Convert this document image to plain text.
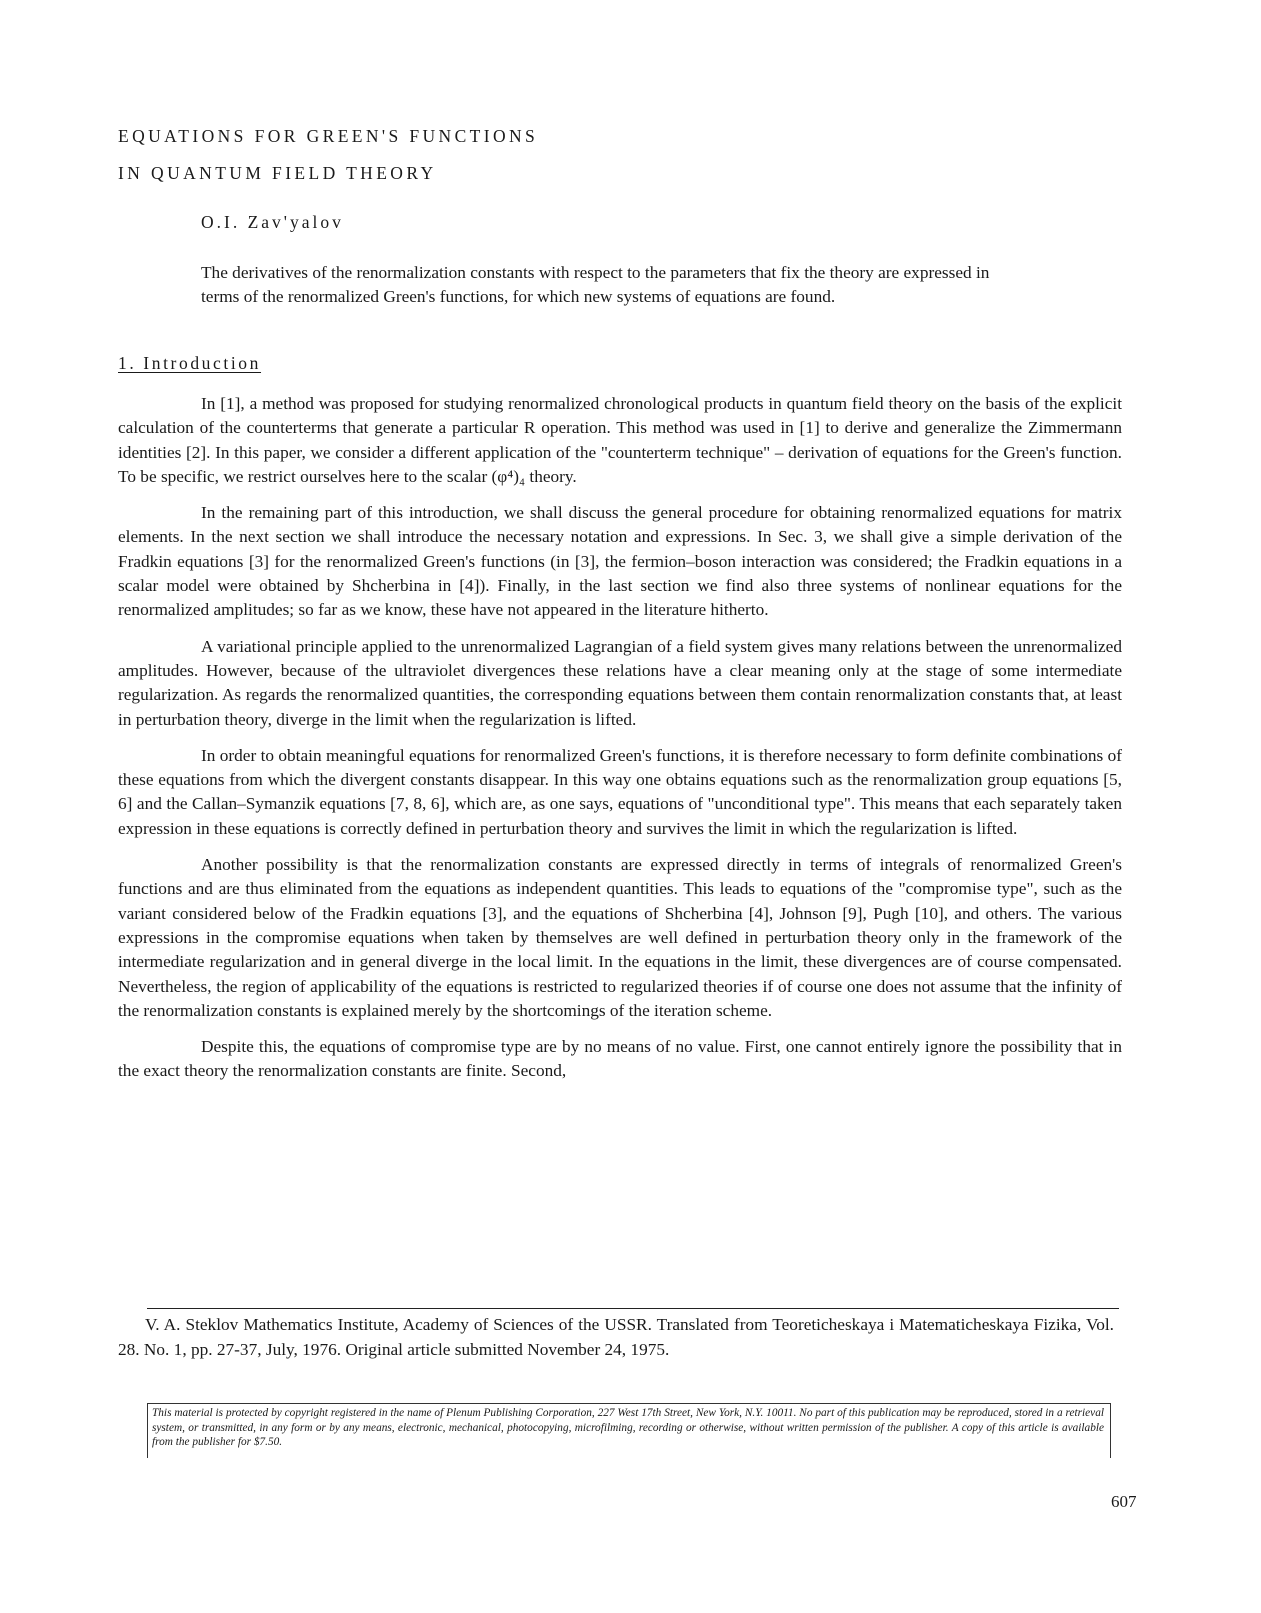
EQUATIONS FOR GREEN'S FUNCTIONS
IN QUANTUM FIELD THEORY
O.I. Zav'yalov
The derivatives of the renormalization constants with respect to the parameters that fix the theory are expressed in terms of the renormalized Green's functions, for which new systems of equations are found.
1. Introduction

In [1], a method was proposed for studying renormalized chronological products in quantum field theory on the basis of the explicit calculation of the counterterms that generate a particular R operation. This method was used in [1] to derive and generalize the Zimmermann identities [2]. In this paper, we consider a different application of the "counterterm technique" – derivation of equations for the Green's function. To be specific, we restrict ourselves here to the scalar (φ⁴)₄ theory.

In the remaining part of this introduction, we shall discuss the general procedure for obtaining renormalized equations for matrix elements. In the next section we shall introduce the necessary notation and expressions. In Sec. 3, we shall give a simple derivation of the Fradkin equations [3] for the renormalized Green's functions (in [3], the fermion–boson interaction was considered; the Fradkin equations in a scalar model were obtained by Shcherbina in [4]). Finally, in the last section we find also three systems of nonlinear equations for the renormalized amplitudes; so far as we know, these have not appeared in the literature hitherto.

A variational principle applied to the unrenormalized Lagrangian of a field system gives many relations between the unrenormalized amplitudes. However, because of the ultraviolet divergences these relations have a clear meaning only at the stage of some intermediate regularization. As regards the renormalized quantities, the corresponding equations between them contain renormalization constants that, at least in perturbation theory, diverge in the limit when the regularization is lifted.

In order to obtain meaningful equations for renormalized Green's functions, it is therefore necessary to form definite combinations of these equations from which the divergent constants disappear. In this way one obtains equations such as the renormalization group equations [5, 6] and the Callan–Symanzik equations [7, 8, 6], which are, as one says, equations of "unconditional type". This means that each separately taken expression in these equations is correctly defined in perturbation theory and survives the limit in which the regularization is lifted.

Another possibility is that the renormalization constants are expressed directly in terms of integrals of renormalized Green's functions and are thus eliminated from the equations as independent quantities. This leads to equations of the "compromise type", such as the variant considered below of the Fradkin equations [3], and the equations of Shcherbina [4], Johnson [9], Pugh [10], and others. The various expressions in the compromise equations when taken by themselves are well defined in perturbation theory only in the framework of the intermediate regularization and in general diverge in the local limit. In the equations in the limit, these divergences are of course compensated. Nevertheless, the region of applicability of the equations is restricted to regularized theories if of course one does not assume that the infinity of the renormalization constants is explained merely by the shortcomings of the iteration scheme.

Despite this, the equations of compromise type are by no means of no value. First, one cannot entirely ignore the possibility that in the exact theory the renormalization constants are finite. Second,

V. A. Steklov Mathematics Institute, Academy of Sciences of the USSR. Translated from Teoreticheskaya i Matematicheskaya Fizika, Vol. 28. No. 1, pp. 27-37, July, 1976. Original article submitted November 24, 1975.
This material is protected by copyright registered in the name of Plenum Publishing Corporation, 227 West 17th Street, New York, N.Y. 10011. No part of this publication may be reproduced, stored in a retrieval system, or transmitted, in any form or by any means, electronic, mechanical, photocopying, microfilming, recording or otherwise, without written permission of the publisher. A copy of this article is available from the publisher for $7.50.
607
